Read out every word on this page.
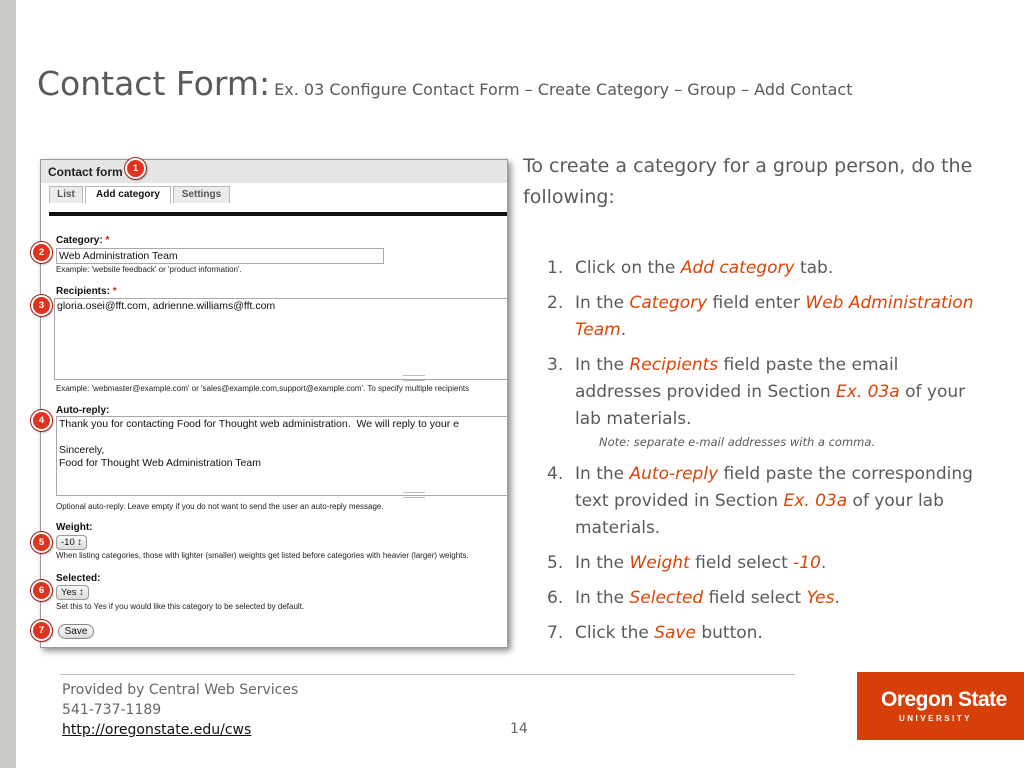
Contact Form: Ex. 03 Configure Contact Form – Create Category – Group – Add Contact
Contact form
List	Add category	Settings
Category: *
Web Administration Team
Example: 'website feedback' or 'product information'.
Recipients: *
gloria.osei@fft.com, adrienne.williams@fft.com
Example: 'webmaster@example.com' or 'sales@example.com,support@example.com'. To specify multiple recipients
Auto-reply:
Thank you for contacting Food for Thought web administration.  We will reply to your e

Sincerely,
Food for Thought Web Administration Team
Optional auto-reply. Leave empty if you do not want to send the user an auto-reply message.
Weight:
-10 ↕
When listing categories, those with lighter (smaller) weights get listed before categories with heavier (larger) weights.
Selected:
Yes ↕
Set this to Yes if you would like this category to be selected by default.
Save
1
2
3
4
5
6
7
To create a category for a group person, do the following:
1. Click on the Add category tab.
2. In the Category field enter Web Administration Team.
3. In the Recipients field paste the email addresses provided in Section Ex. 03a of your lab materials.
Note: separate e-mail addresses with a comma.
4. In the Auto-reply field paste the corresponding text provided in Section Ex. 03a of your lab materials.
5. In the Weight field select -10.
6. In the Selected field select Yes.
7. Click the Save button.
Provided by Central Web Services
541-737-1189
http://oregonstate.edu/cws	14
Oregon State
UNIVERSITY
